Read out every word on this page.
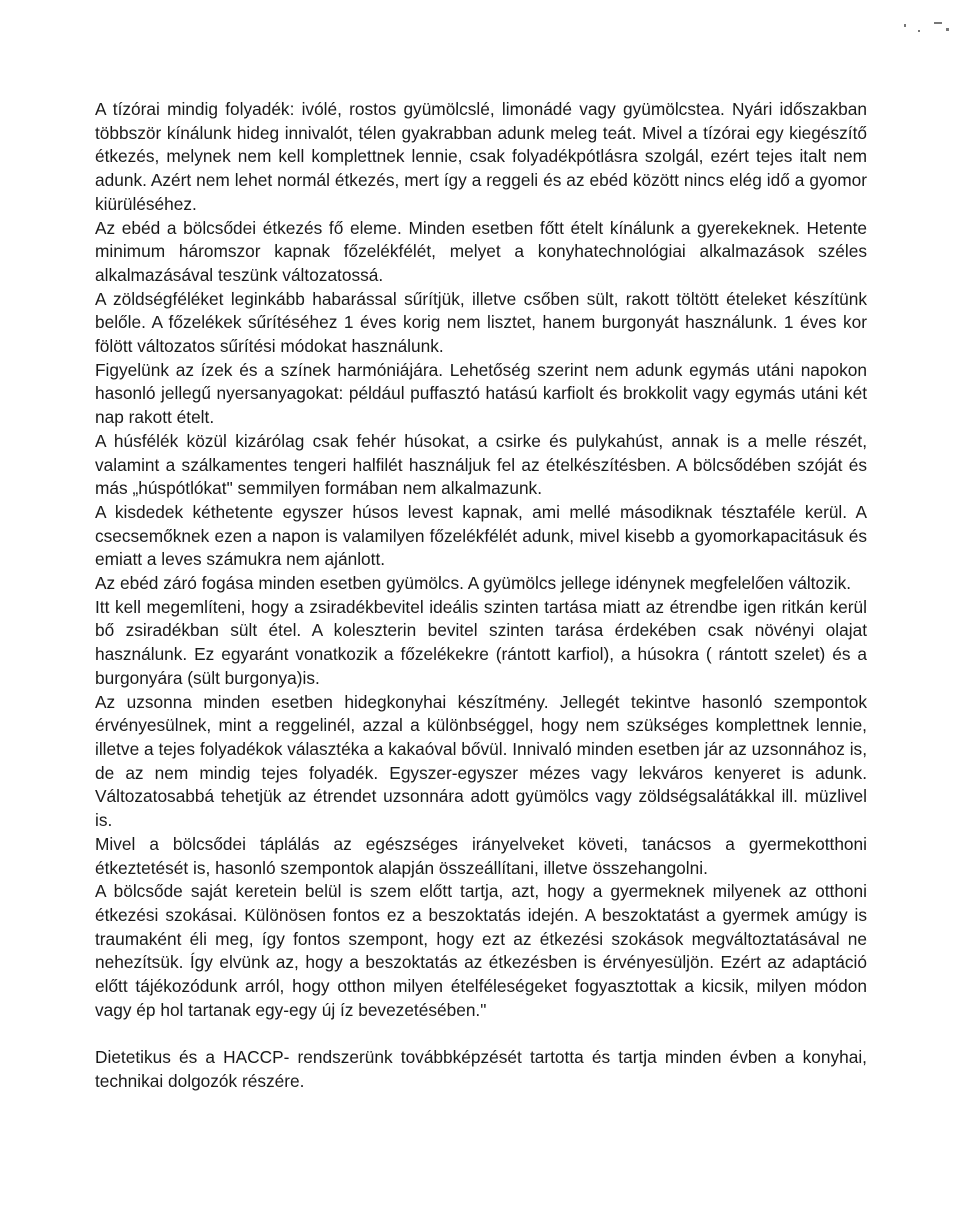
A tízórai mindig folyadék: ivólé, rostos gyümölcslé, limonádé vagy gyümölcstea. Nyári időszakban többször kínálunk hideg innivalót, télen gyakrabban adunk meleg teát. Mivel a tízórai egy kiegészítő étkezés, melynek nem kell komplettnek lennie, csak folyadékpótlásra szolgál, ezért tejes italt nem adunk. Azért nem lehet normál étkezés, mert így a reggeli és az ebéd között nincs elég idő a gyomor kiürüléséhez.

Az ebéd a bölcsődei étkezés fő eleme. Minden esetben főtt ételt kínálunk a gyerekeknek. Hetente minimum háromszor kapnak főzelékfélét, melyet a konyhatechnológiai alkalmazások széles alkalmazásával teszünk változatossá.

A zöldségféléket leginkább habarással sűrítjük, illetve csőben sült, rakott töltött ételeket készítünk belőle. A főzelékek sűrítéséhez 1 éves korig nem lisztet, hanem burgonyát használunk. 1 éves kor fölött változatos sűrítési módokat használunk.

Figyelünk az ízek és a színek harmóniájára. Lehetőség szerint nem adunk egymás utáni napokon hasonló jellegű nyersanyagokat: például puffasztó hatású karfiolt és brokkolit vagy egymás utáni két nap rakott ételt.

A húsfélék közül kizárólag csak fehér húsokat, a csirke és pulykahúst, annak is a melle részét, valamint a szálkamentes tengeri halfilét használjuk fel az ételkészítésben. A bölcsődében szóját és más „húspótlókat" semmilyen formában nem alkalmazunk.

A kisdedek kéthetente egyszer húsos levest kapnak, ami mellé másodiknak tésztaféle kerül. A csecsemőknek ezen a napon is valamilyen főzelékfélét adunk, mivel kisebb a gyomorkapacitásuk és emiatt a leves számukra nem ajánlott.

Az ebéd záró fogása minden esetben gyümölcs. A gyümölcs jellege idénynek megfelelően változik.

Itt kell megemlíteni, hogy a zsiradékbevitel ideális szinten tartása miatt az étrendbe igen ritkán kerül bő zsiradékban sült étel. A koleszterin bevitel szinten tarása érdekében csak növényi olajat használunk. Ez egyaránt vonatkozik a főzelékekre (rántott karfiol), a húsokra ( rántott szelet) és a burgonyára (sült burgonya)is.

Az uzsonna minden esetben hidegkonyhai készítmény. Jellegét tekintve hasonló szempontok érvényesülnek, mint a reggelinél, azzal a különbséggel, hogy nem szükséges komplettnek lennie, illetve a tejes folyadékok választéka a kakaóval bővül. Innivaló minden esetben jár az uzsonnához is, de az nem mindig tejes folyadék. Egyszer-egyszer mézes vagy lekváros kenyeret is adunk. Változatosabbá tehetjük az étrendet uzsonnára adott gyümölcs vagy zöldségsalátákkal ill. müzlivel is.

Mivel a bölcsődei táplálás az egészséges irányelveket követi, tanácsos a gyermekotthoni étkeztetését is, hasonló szempontok alapján összeállítani, illetve összehangolni.

A bölcsőde saját keretein belül is szem előtt tartja, azt, hogy a gyermeknek milyenek az otthoni étkezési szokásai. Különösen fontos ez a beszoktatás idején. A beszoktatást a gyermek amúgy is traumaként éli meg, így fontos szempont, hogy ezt az étkezési szokások megváltoztatásával ne nehezítsük. Így elvünk az, hogy a beszoktatás az étkezésben is érvényesüljön. Ezért az adaptáció előtt tájékozódunk arról, hogy otthon milyen ételféleségeket fogyasztottak a kicsik, milyen módon vagy ép hol tartanak egy-egy új íz bevezetésében."

Dietetikus és a HACCP- rendszerünk továbbképzését tartotta és tartja minden évben a konyhai, technikai dolgozók részére.
